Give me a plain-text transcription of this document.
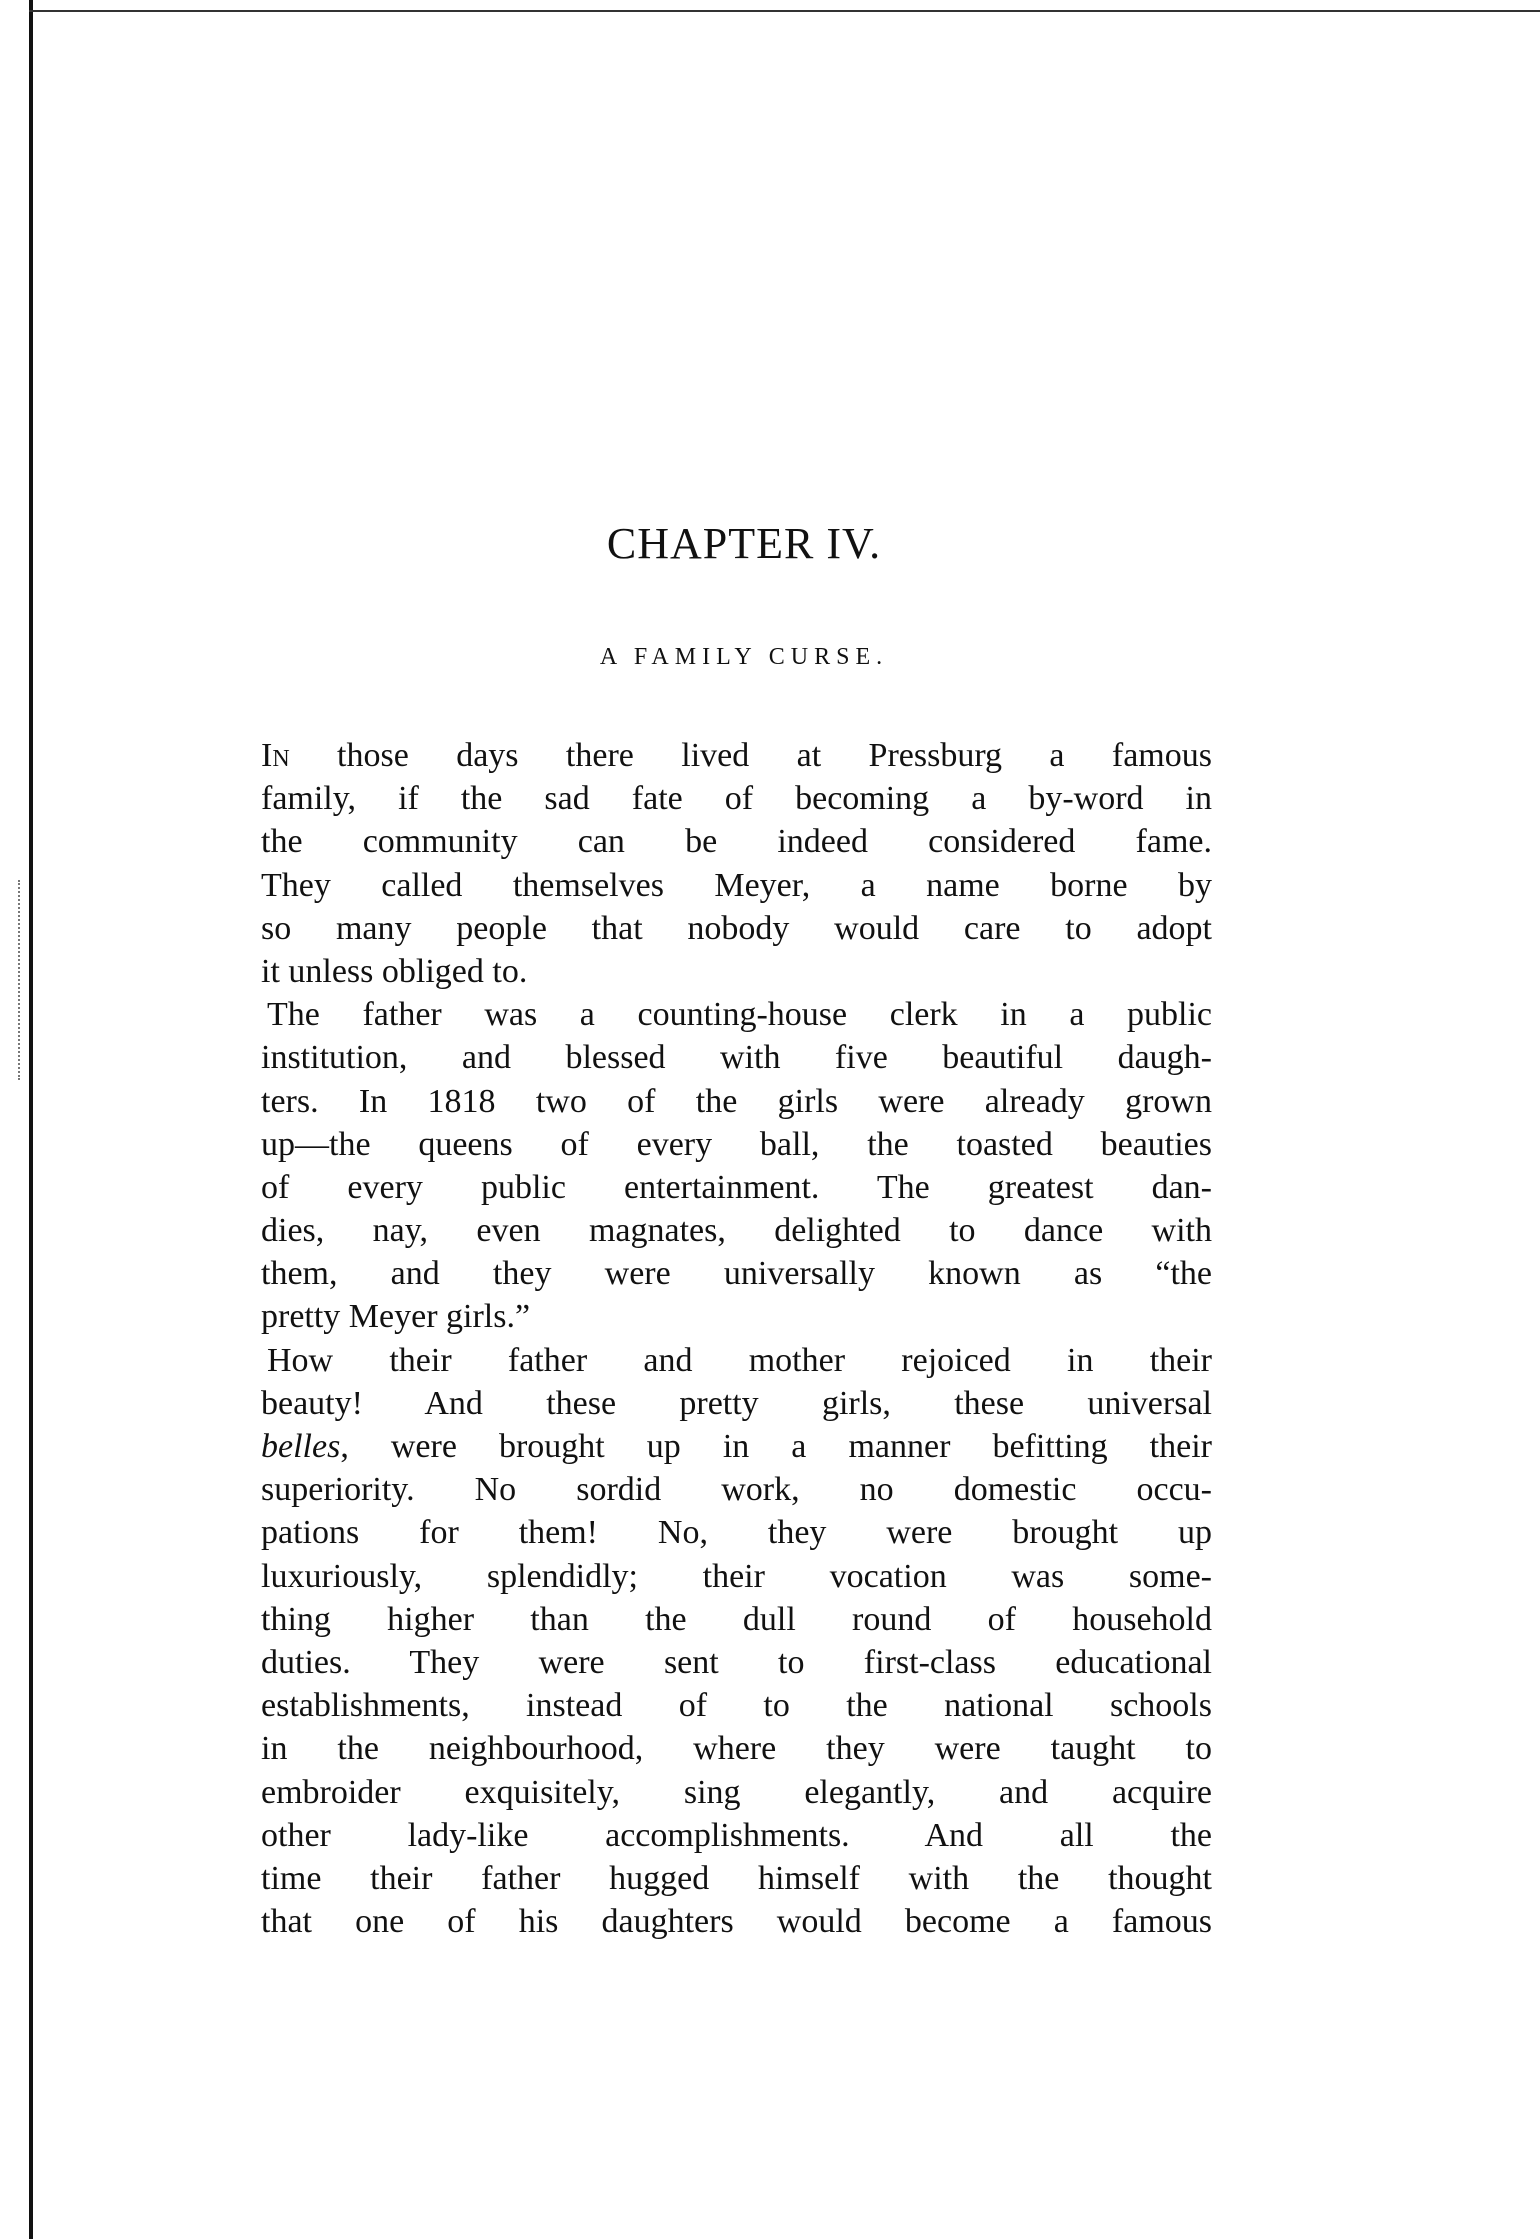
CHAPTER IV.
A FAMILY CURSE.
In those days there lived at Pressburg a famous
family, if the sad fate of becoming a by-word in
the community can be indeed considered fame.
They called themselves Meyer, a name borne by
so many people that nobody would care to adopt
it unless obliged to.
The father was a counting-house clerk in a public
institution, and blessed with five beautiful daugh-
ters. In 1818 two of the girls were already grown
up—the queens of every ball, the toasted beauties
of every public entertainment. The greatest dan-
dies, nay, even magnates, delighted to dance with
them, and they were universally known as “the
pretty Meyer girls.”
How their father and mother rejoiced in their
beauty! And these pretty girls, these universal
belles, were brought up in a manner befitting their
superiority. No sordid work, no domestic occu-
pations for them! No, they were brought up
luxuriously, splendidly; their vocation was some-
thing higher than the dull round of household
duties. They were sent to first-class educational
establishments, instead of to the national schools
in the neighbourhood, where they were taught to
embroider exquisitely, sing elegantly, and acquire
other lady-like accomplishments. And all the
time their father hugged himself with the thought
that one of his daughters would become a famous
